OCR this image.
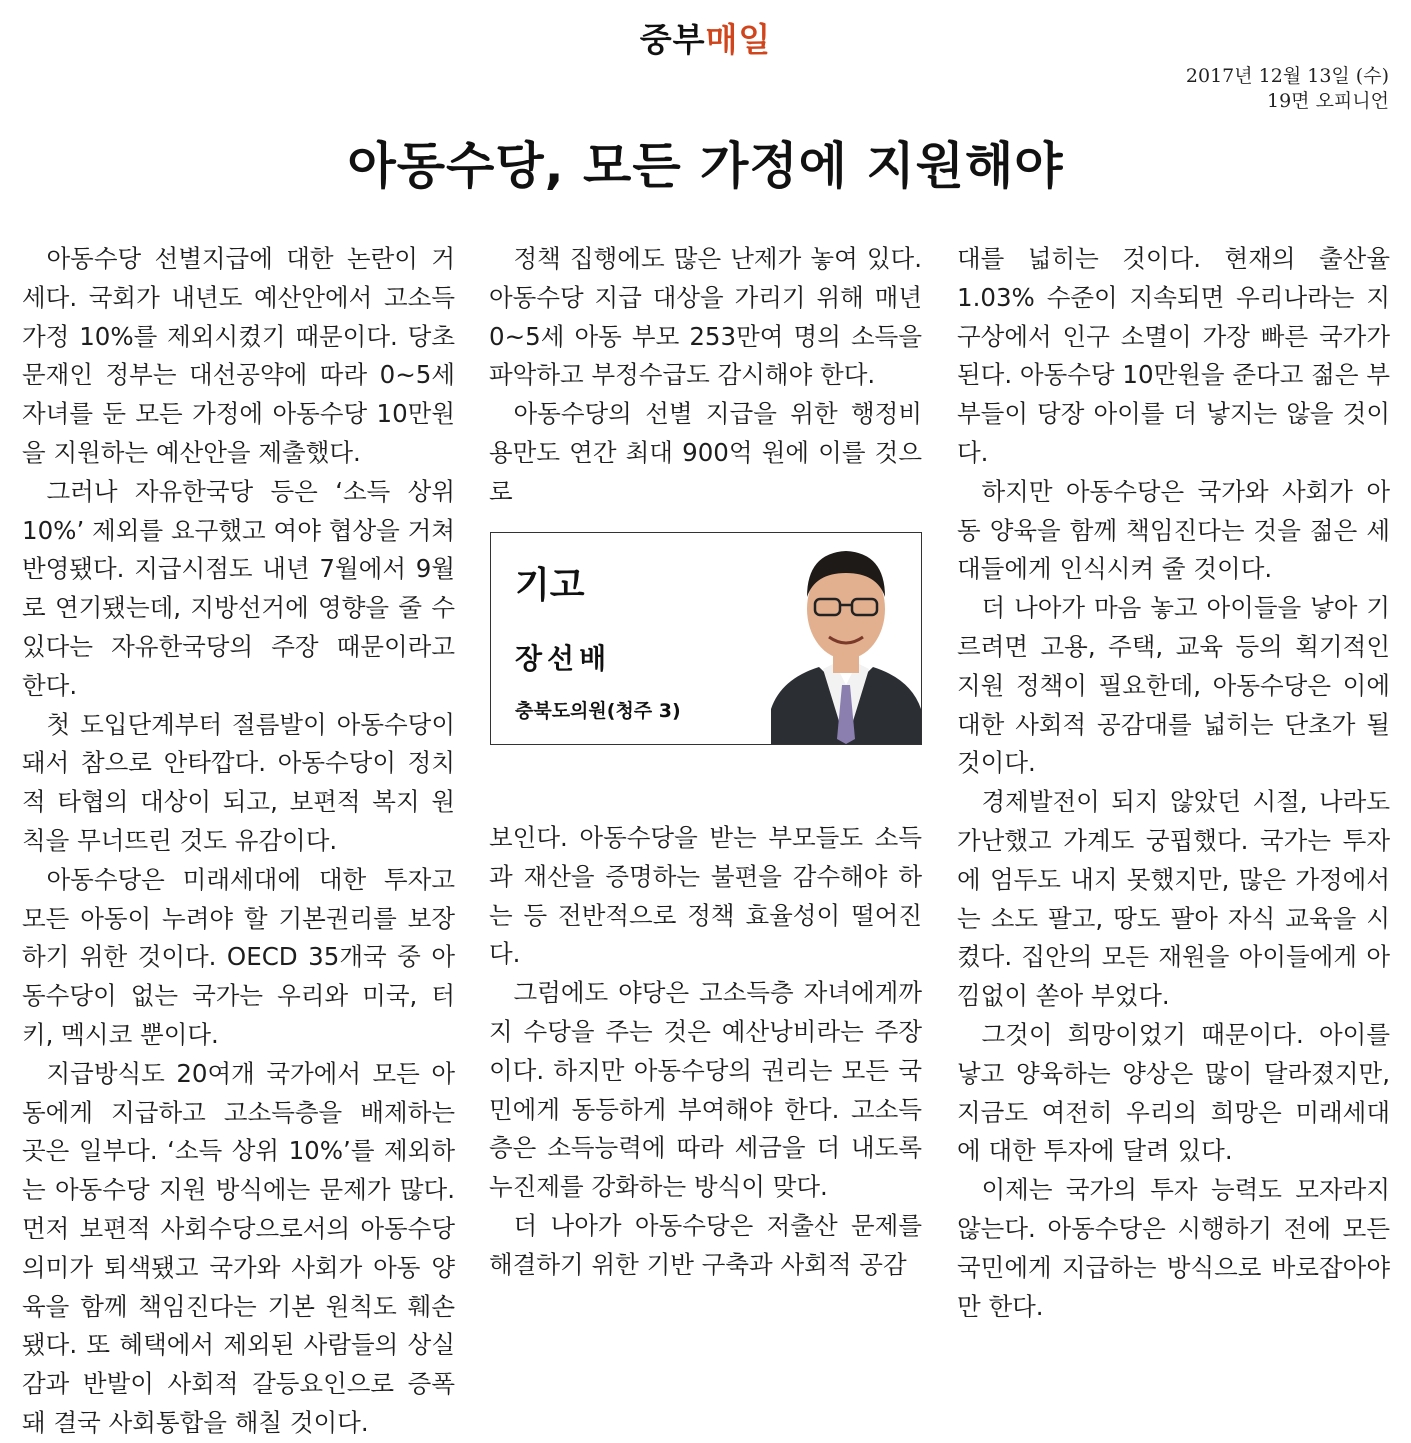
중부매일
2017년 12월 13일 (수)
19면 오피니언
아동수당, 모든 가정에 지원해야

아동수당 선별지급에 대한 논란이 거세다. 국회가 내년도 예산안에서 고소득 가정 10%를 제외시켰기 때문이다. 당초 문재인 정부는 대선공약에 따라 0~5세 자녀를 둔 모든 가정에 아동수당 10만원을 지원하는 예산안을 제출했다.

그러나 자유한국당 등은 ‘소득 상위 10%’ 제외를 요구했고 여야 협상을 거쳐 반영됐다. 지급시점도 내년 7월에서 9월로 연기됐는데, 지방선거에 영향을 줄 수 있다는 자유한국당의 주장 때문이라고 한다.

첫 도입단계부터 절름발이 아동수당이 돼서 참으로 안타깝다. 아동수당이 정치적 타협의 대상이 되고, 보편적 복지 원칙을 무너뜨린 것도 유감이다.

아동수당은 미래세대에 대한 투자고 모든 아동이 누려야 할 기본권리를 보장하기 위한 것이다. OECD 35개국 중 아동수당이 없는 국가는 우리와 미국, 터키, 멕시코 뿐이다.

지급방식도 20여개 국가에서 모든 아동에게 지급하고 고소득층을 배제하는 곳은 일부다. ‘소득 상위 10%’를 제외하는 아동수당 지원 방식에는 문제가 많다. 먼저 보편적 사회수당으로서의 아동수당 의미가 퇴색됐고 국가와 사회가 아동 양육을 함께 책임진다는 기본 원칙도 훼손됐다. 또 혜택에서 제외된 사람들의 상실감과 반발이 사회적 갈등요인으로 증폭돼 결국 사회통합을 해칠 것이다.

정책 집행에도 많은 난제가 놓여 있다. 아동수당 지급 대상을 가리기 위해 매년 0~5세 아동 부모 253만여 명의 소득을 파악하고 부정수급도 감시해야 한다.

아동수당의 선별 지급을 위한 행정비용만도 연간 최대 900억 원에 이를 것으로

기고
장선배
충북도의원(청주 3)

보인다. 아동수당을 받는 부모들도 소득과 재산을 증명하는 불편을 감수해야 하는 등 전반적으로 정책 효율성이 떨어진다.

그럼에도 야당은 고소득층 자녀에게까지 수당을 주는 것은 예산낭비라는 주장이다. 하지만 아동수당의 권리는 모든 국민에게 동등하게 부여해야 한다. 고소득층은 소득능력에 따라 세금을 더 내도록 누진제를 강화하는 방식이 맞다.

더 나아가 아동수당은 저출산 문제를 해결하기 위한 기반 구축과 사회적 공감

대를 넓히는 것이다. 현재의 출산율 1.03% 수준이 지속되면 우리나라는 지구상에서 인구 소멸이 가장 빠른 국가가 된다. 아동수당 10만원을 준다고 젊은 부부들이 당장 아이를 더 낳지는 않을 것이다.

하지만 아동수당은 국가와 사회가 아동 양육을 함께 책임진다는 것을 젊은 세대들에게 인식시켜 줄 것이다.

더 나아가 마음 놓고 아이들을 낳아 기르려면 고용, 주택, 교육 등의 획기적인 지원 정책이 필요한데, 아동수당은 이에 대한 사회적 공감대를 넓히는 단초가 될 것이다.

경제발전이 되지 않았던 시절, 나라도 가난했고 가계도 궁핍했다. 국가는 투자에 엄두도 내지 못했지만, 많은 가정에서는 소도 팔고, 땅도 팔아 자식 교육을 시켰다. 집안의 모든 재원을 아이들에게 아낌없이 쏟아 부었다.

그것이 희망이었기 때문이다. 아이를 낳고 양육하는 양상은 많이 달라졌지만, 지금도 여전히 우리의 희망은 미래세대에 대한 투자에 달려 있다.

이제는 국가의 투자 능력도 모자라지 않는다. 아동수당은 시행하기 전에 모든 국민에게 지급하는 방식으로 바로잡아야 만 한다.
